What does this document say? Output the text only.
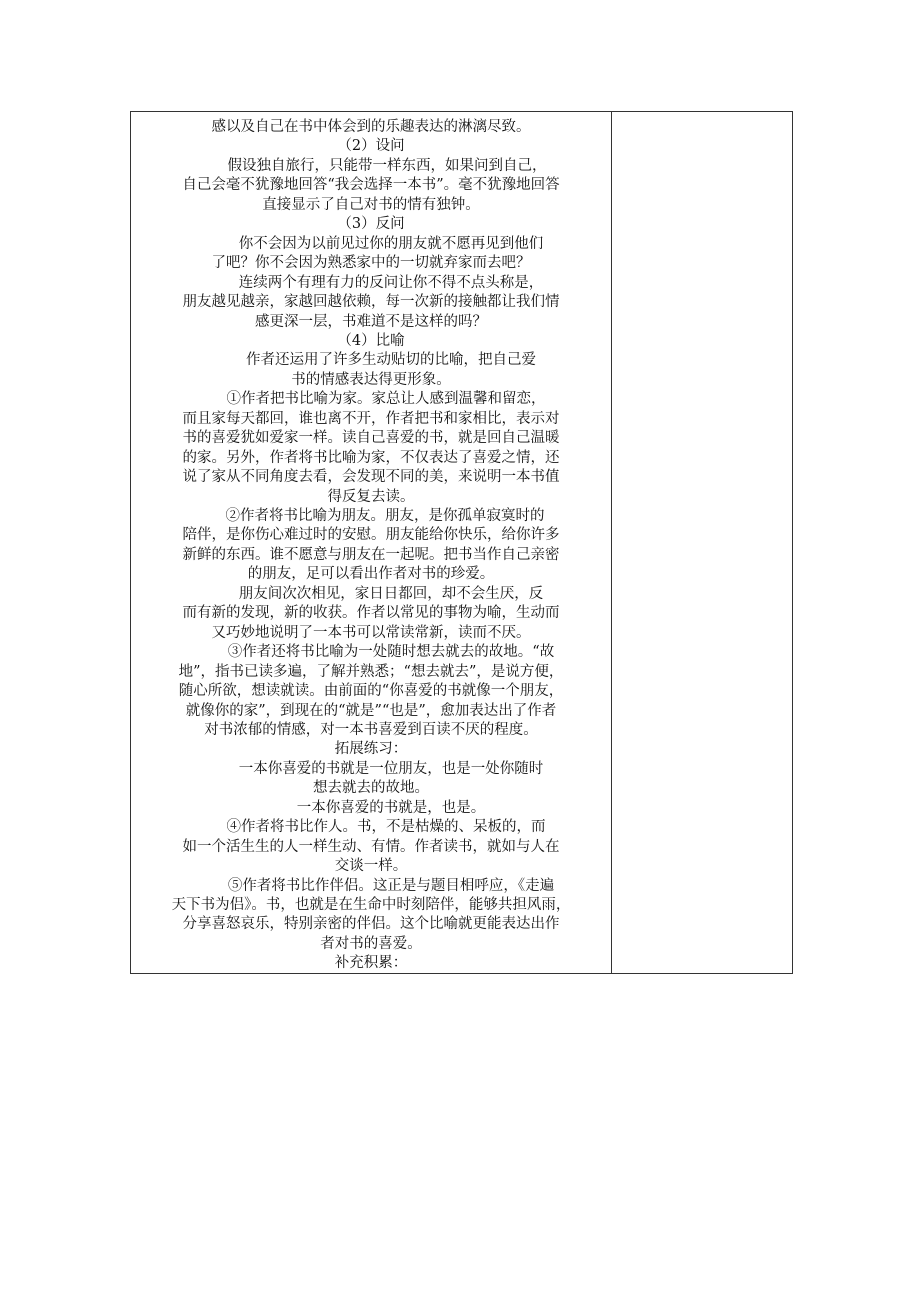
感以及自己在书中体会到的乐趣表达的淋漓尽致。
（2）设问
假设独自旅行，只能带一样东西，如果问到自己，
自己会毫不犹豫地回答“我会选择一本书”。毫不犹豫地回答
直接显示了自己对书的情有独钟。
（3）反问
你不会因为以前见过你的朋友就不愿再见到他们
了吧？你不会因为熟悉家中的一切就弃家而去吧？
连续两个有理有力的反问让你不得不点头称是，
朋友越见越亲，家越回越依赖，每一次新的接触都让我们情
感更深一层，书难道不是这样的吗？
（4）比喻
作者还运用了许多生动贴切的比喻，把自己爱
书的情感表达得更形象。
①作者把书比喻为家。家总让人感到温馨和留恋，
而且家每天都回，谁也离不开，作者把书和家相比，表示对
书的喜爱犹如爱家一样。读自己喜爱的书，就是回自己温暖
的家。另外，作者将书比喻为家，不仅表达了喜爱之情，还
说了家从不同角度去看，会发现不同的美，来说明一本书值
得反复去读。
②作者将书比喻为朋友。朋友，是你孤单寂寞时的
陪伴，是你伤心难过时的安慰。朋友能给你快乐，给你许多
新鲜的东西。谁不愿意与朋友在一起呢。把书当作自己亲密
的朋友，足可以看出作者对书的珍爱。
朋友间次次相见，家日日都回，却不会生厌，反
而有新的发现，新的收获。作者以常见的事物为喻，生动而
又巧妙地说明了一本书可以常读常新，读而不厌。
③作者还将书比喻为一处随时想去就去的故地。“故
地”，指书已读多遍，了解并熟悉；“想去就去”，是说方便，
随心所欲，想读就读。由前面的“你喜爱的书就像一个朋友，
就像你的家”，到现在的“就是”“也是”，愈加表达出了作者
对书浓郁的情感，对一本书喜爱到百读不厌的程度。
拓展练习：
一本你喜爱的书就是一位朋友，也是一处你随时
想去就去的故地。
一本你喜爱的书就是，也是。
④作者将书比作人。书，不是枯燥的、呆板的，而
如一个活生生的人一样生动、有情。作者读书，就如与人在
交谈一样。
⑤作者将书比作伴侣。这正是与题目相呼应，《走遍
天下书为侣》。书，也就是在生命中时刻陪伴，能够共担风雨，
分享喜怒哀乐，特别亲密的伴侣。这个比喻就更能表达出作
者对书的喜爱。
补充积累：
